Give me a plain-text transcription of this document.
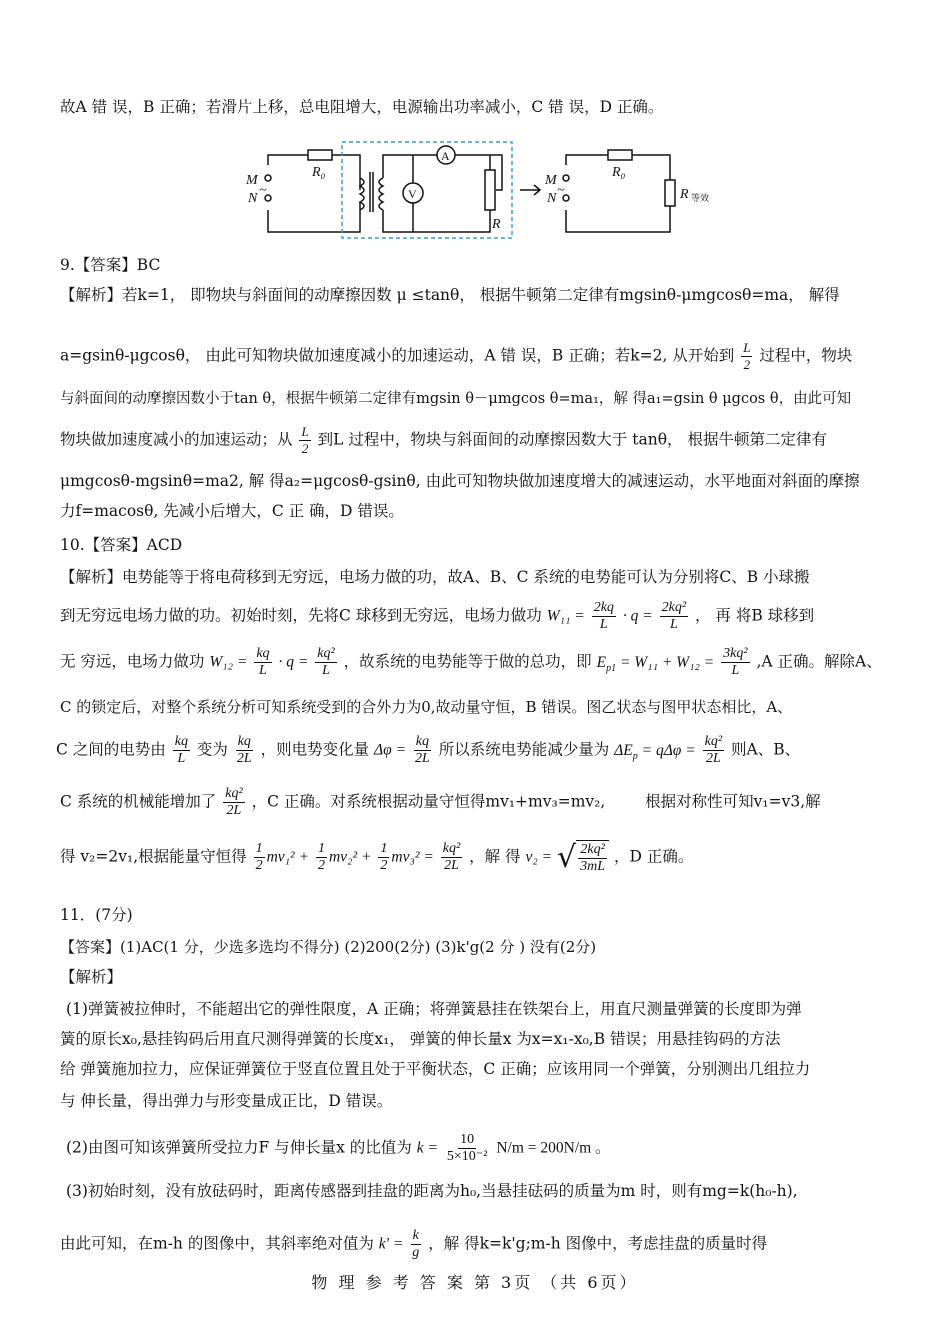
故A 错 误，B 正确；若滑片上移，总电阻增大，电源输出功率减小，C 错 误，D 正确。
R₀
M
N
~
A
V
R
R₀
M
N
~	R 等效
9.【答案】BC
【解析】若k=1， 即物块与斜面间的动摩擦因数 μ ≤tanθ， 根据牛顿第二定律有mgsinθ-μmgcosθ=ma， 解得
a=gsinθ-μgcosθ， 由此可知物块做加速度减小的加速运动，A 错 误，B 正确；若k=2, 从开始到 $\frac{L}{2}$ 过程中，物块
与斜面间的动摩擦因数小于tan θ，根据牛顿第二定律有mgsin θ－μmgcos θ=ma₁，解 得a₁=gsin θ μgcos θ，由此可知
物块做加速度减小的加速运动；从 $\frac{L}{2}$ 到L 过程中，物块与斜面间的动摩擦因数大于 tanθ， 根据牛顿第二定律有
μmgcosθ-mgsinθ=ma2, 解 得a₂=μgcosθ-gsinθ, 由此可知物块做加速度增大的减速运动，水平地面对斜面的摩擦
力f=macosθ, 先减小后增大，C 正 确，D 错误。
10.【答案】ACD
【解析】电势能等于将电荷移到无穷远，电场力做的功，故A、B、C 系统的电势能可认为分别将C、B 小球搬
到无穷远电场力做的功。初始时刻，先将C 球移到无穷远，电场力做功 $W_{11} = \frac{2kq}{L} \cdot q = \frac{\text{2kq²}}{L}$ ， 再 将B 球移到
无 穷远，电场力做功 $W_{12} = \frac{kq}{L} \cdot q = \frac{\text{kq²}}{L}$ ，故系统的电势能等于做的总功，即 $E_{p1} = W_{11} + W_{12} = \frac{\text{3kq²}}{L} ,A$ 正确。解除A、
C 的锁定后，对整个系统分析可知系统受到的合外力为0,故动量守恒，B 错误。图乙状态与图甲状态相比，A、
C 之间的电势由 $\frac{kq}{L}$ 变为 $\frac{kq}{2L}$ ，则电势变化量 $\Delta\varphi = \frac{kq}{2L}$ 所以系统电势能减少量为 $\Delta E_p = q\Delta\varphi = \frac{\text{kq²}}{2L}$ 则A、B、
C 系统的机械能增加了 $\frac{\text{kq²}}{2L}$ ，C 正确。对系统根据动量守恒得mv₁+mv₃=mv₂,	根据对称性可知v₁=v3,解
得 v₂=2v₁,根据能量守恒得 $\frac{1}{2} mv_1^2 + \frac{1}{2} mv_2^2 + \frac{1}{2} mv_3^2 = \frac{\text{kq²}}{2L}$ ，解 得 v₂ = √ $\frac{\text{2kq²}}{3mL}$ ，D 正确。
11．(7分)
【答案】(1)AC(1 分，少选多选均不得分) (2)200(2分) (3)k'g(2 分 ) 没有(2分)
【解析】
(1)弹簧被拉伸时，不能超出它的弹性限度，A 正确；将弹簧悬挂在铁架台上，用直尺测量弹簧的长度即为弹
簧的原长x₀,悬挂钩码后用直尺测得弹簧的长度x₁， 弹簧的伸长量x 为x=x₁-x₀,B 错误；用悬挂钩码的方法
给 弹簧施加拉力，应保证弹簧位于竖直位置且处于平衡状态，C 正确；应该用同一个弹簧，分别测出几组拉力
与 伸长量，得出弹力与形变量成正比，D 错误。
(2)由图可知该弹簧所受拉力F 与伸长量x 的比值为 $k = \frac{10}{\text{5×10⁻²}} N/m = 200N/m$ 。
(3)初始时刻，没有放砝码时，距离传感器到挂盘的距离为h₀,当悬挂砝码的质量为m 时，则有mg=k(h₀-h),
由此可知，在m-h 的图像中，其斜率绝对值为 $k' = \frac{k}{g}$ ，解 得k=k'g;m-h 图像中，考虑挂盘的质量时得
物 理 参 考 答 案 第 3页 （共 6页）
